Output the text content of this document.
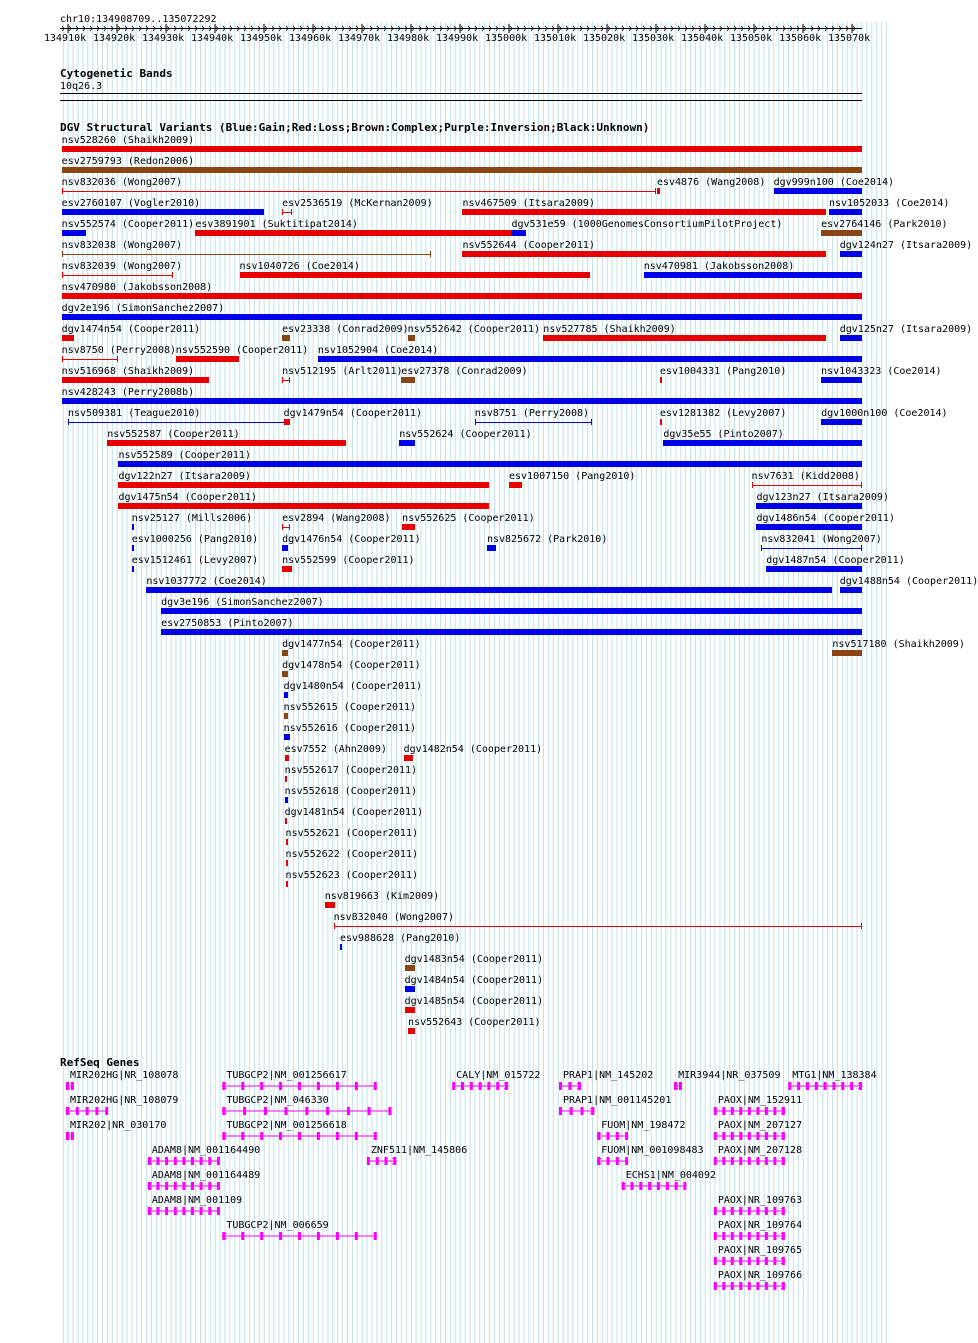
chr10:134908709..135072292
134910k 134920k 134930k 134940k 134950k 134960k 134970k 134980k 134990k 135000k 135010k 135020k 135030k 135040k 135050k 135060k 135070k
Cytogenetic Bands
10q26.3
DGV Structural Variants (Blue:Gain;Red:Loss;Brown:Complex;Purple:Inversion;Black:Unknown)
nsv528260 (Shaikh2009)
esv2759793 (Redon2006)
nsv832036 (Wong2007)	esv4876 (Wang2008) dgv999n100 (Coe2014)
esv2760107 (Vogler2010)	esv2536519 (McKernan2009)	nsv467509 (Itsara2009)	nsv1052033 (Coe2014)
nsv552574 (Cooper2011) esv3891901 (Suktitipat2014)	dgv531e59 (1000GenomesConsortiumPilotProject)	esv2764146 (Park2010)
nsv832038 (Wong2007)	nsv552644 (Cooper2011)	dgv124n27 (Itsara2009)
nsv832039 (Wong2007)	nsv1040726 (Coe2014)	nsv470981 (Jakobsson2008)
nsv470980 (Jakobsson2008)
dgv2e196 (SimonSanchez2007)
dgv1474n54 (Cooper2011)	esv23338 (Conrad2009) nsv552642 (Cooper2011) nsv527785 (Shaikh2009)	dgv125n27 (Itsara2009)
nsv8750 (Perry2008) nsv552590 (Cooper2011) nsv1052904 (Coe2014)
nsv516968 (Shaikh2009)	nsv512195 (Arlt2011)
esv27378 (Conrad2009)	esv1004331 (Pang2010)	nsv1043323 (Coe2014)
nsv428243 (Perry2008b)
nsv509381 (Teague2010)	dgv1479n54 (Cooper2011)	nsv8751 (Perry2008)	esv1281382 (Levy2007)	dgv1000n100 (Coe2014)
nsv552587 (Cooper2011)	nsv552624 (Cooper2011)	dgv35e55 (Pinto2007)
nsv552589 (Cooper2011)
dgv122n27 (Itsara2009)	esv1007150 (Pang2010)	nsv7631 (Kidd2008)
dgv1475n54 (Cooper2011)	dgv123n27 (Itsara2009)
nsv25127 (Mills2006)	esv2894 (Wang2008) nsv552625 (Cooper2011)	dgv1486n54 (Cooper2011)
esv1000256 (Pang2010) dgv1476n54 (Cooper2011)	nsv825672 (Park2010)	nsv832041 (Wong2007)
esv1512461 (Levy2007) nsv552599 (Cooper2011)	dgv1487n54 (Cooper2011)
nsv1037772 (Coe2014)	dgv1488n54 (Cooper2011)
dgv3e196 (SimonSanchez2007)
esv2750853 (Pinto2007)
dgv1477n54 (Cooper2011)	nsv517180 (Shaikh2009)
dgv1478n54 (Cooper2011)
dgv1480n54 (Cooper2011)
nsv552615 (Cooper2011)
nsv552616 (Cooper2011)
esv7552 (Ahn2009) dgv1482n54 (Cooper2011)
nsv552617 (Cooper2011)
nsv552618 (Cooper2011)
dgv1481n54 (Cooper2011)
nsv552621 (Cooper2011)
nsv552622 (Cooper2011)
nsv552623 (Cooper2011)
nsv819663 (Kim2009)
nsv832040 (Wong2007)
esv988628 (Pang2010)
dgv1483n54 (Cooper2011)
dgv1484n54 (Cooper2011)
dgv1485n54 (Cooper2011)
nsv552643 (Cooper2011)
RefSeq Genes
MIR202HG|NR_108078	TUBGCP2|NM_001256617	CALY|NM_015722 PRAP1|NM_145202 MIR3944|NR_037509 MTG1|NM_138384
MIR202HG|NR_108079	TUBGCP2|NM_046330	PRAP1|NM_001145201	PAOX|NM_152911
MIR202|NR_030170	TUBGCP2|NM_001256618	FUOM|NM_198472	PAOX|NM_207127
ADAM8|NM_001164490	ZNF511|NM_145806	FUOM|NM_001098483 PAOX|NM_207128
ADAM8|NM_001164489	ECHS1|NM_004092
ADAM8|NM_001109	PAOX|NR_109763
TUBGCP2|NM_006659	PAOX|NR_109764
PAOX|NR_109765
PAOX|NR_109766
